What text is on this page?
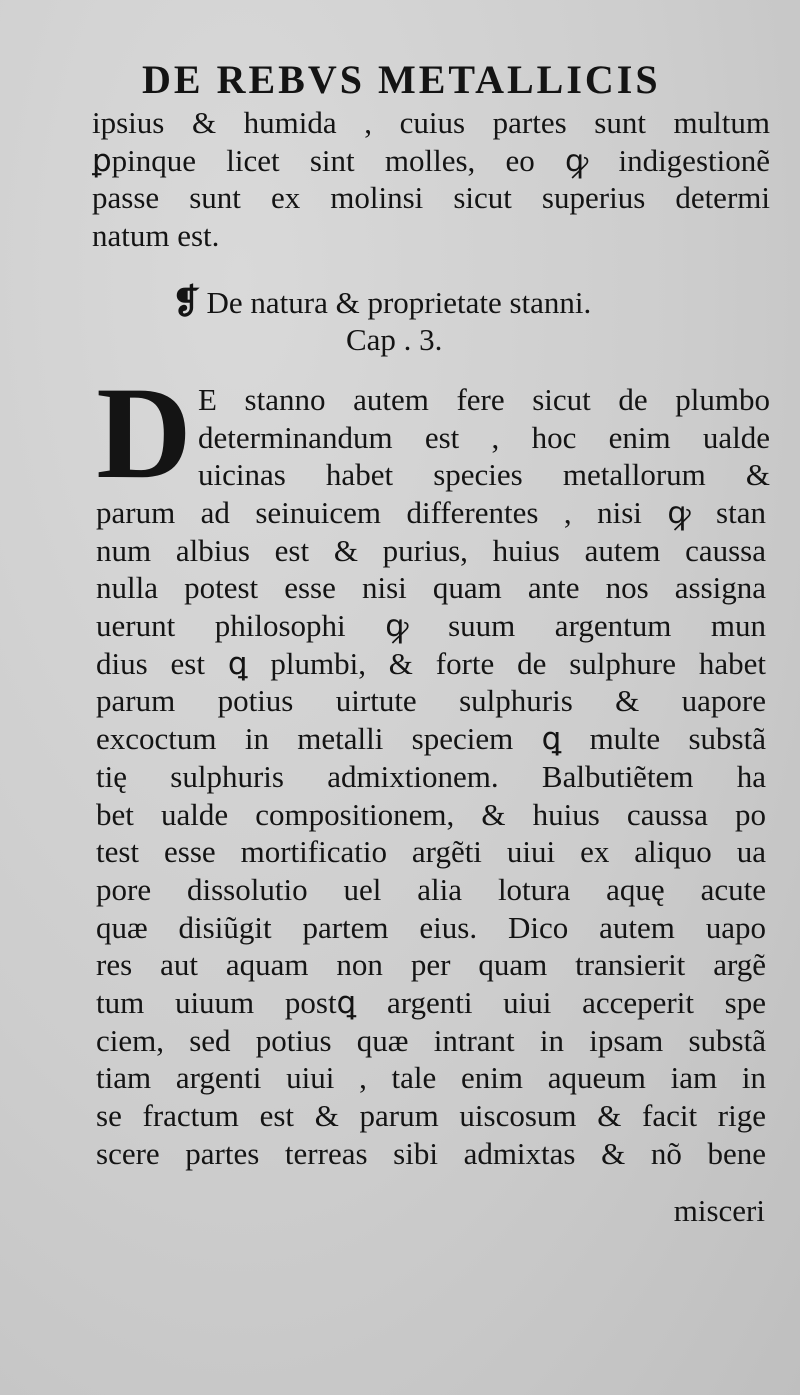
DE REBVS METALLICIS
ipsius & humida , cuius partes sunt multum
ꝑpinque licet sint molles, eo ꝙ indigestionẽ
passe sunt ex molinsi sicut superius determi
natum est.
❡ De natura & proprietate stanni.
Cap . 3.
D E stanno autem fere sicut de plumbo
determinandum est , hoc enim ualde
uicinas habet species metallorum &
parum ad seinuicem differentes , nisi ꝙ stan
num albius est & purius, huius autem caussa
nulla potest esse nisi quam ante nos assigna
uerunt philosophi ꝙ suum argentum mun
dius est ꝗ plumbi, & forte de sulphure habet
parum potius uirtute sulphuris & uapore
excoctum in metalli speciem ꝗ multe substã
tię sulphuris admixtionem. Balbutiẽtem ha
bet ualde compositionem, & huius caussa po
test esse mortificatio argẽti uiui ex aliquo ua
pore dissolutio uel alia lotura aquę acute
quæ disiũgit partem eius. Dico autem uapo
res aut aquam non per quam transierit argẽ
tum uiuum postꝗ argenti uiui acceperit spe
ciem, sed potius quæ intrant in ipsam substã
tiam argenti uiui , tale enim aqueum iam in
se fractum est & parum uiscosum & facit rige
scere partes terreas sibi admixtas & nõ bene
misceri
